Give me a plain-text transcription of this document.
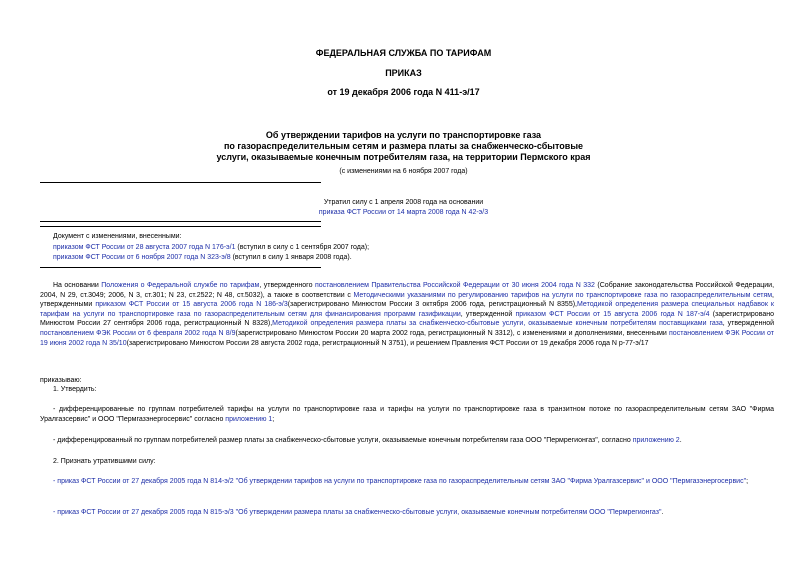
ФЕДЕРАЛЬНАЯ СЛУЖБА ПО ТАРИФАМ
ПРИКАЗ
от 19 декабря 2006 года N 411-э/17
Об утверждении тарифов на услуги по транспортировке газа
по газораспределительным сетям и размера платы за снабженческо-сбытовые
услуги, оказываемые конечным потребителям газа, на территории Пермского края
(с изменениями на 6 ноября 2007 года)
Утратил силу с 1 апреля 2008 года на основании
приказа ФСТ России от 14 марта 2008 года N 42-э/3
Документ с изменениями, внесенными:
приказом ФСТ России от 28 августа 2007 года N 176-э/1 (вступил в силу с 1 сентября 2007 года);
приказом ФСТ России от 6 ноября 2007 года N 323-э/8 (вступил в силу 1 января 2008 года).
На основании Положения о Федеральной службе по тарифам, утвержденного постановлением Правительства Российской Федерации от 30 июня 2004 года N 332 (Собрание законодательства Российской Федерации, 2004, N 29, ст.3049; 2006, N 3, ст.301; N 23, ст.2522; N 48, ст.5032), а также в соответствии с Методическими указаниями по регулированию тарифов на услуги по транспортировке газа по газораспределительным сетям, утвержденными приказом ФСТ России от 15 августа 2006 года N 186-э/3(зарегистрировано Минюстом России 3 октября 2006 года, регистрационный N 8355),Методикой определения размера специальных надбавок к тарифам на услуги по транспортировке газа по газораспределительным сетям для финансирования программ газификации, утвержденной приказом ФСТ России от 15 августа 2006 года N 187-э/4 (зарегистрировано Минюстом России 27 сентября 2006 года, регистрационный N 8328),Методикой определения размера платы за снабженческо-сбытовые услуги, оказываемые конечным потребителям поставщиками газа, утвержденной постановлением ФЭК России от 6 февраля 2002 года N 8/9(зарегистрировано Минюстом России 20 марта 2002 года, регистрационный N 3312), с изменениями и дополнениями, внесенными постановлением ФЭК России от 19 июня 2002 года N 35/10(зарегистрировано Минюстом России 28 августа 2002 года, регистрационный N 3751), и решением Правления ФСТ России от 19 декабря 2006 года N р-77-э/17
приказываю:
1. Утвердить:
- дифференцированные по группам потребителей тарифы на услуги по транспортировке газа и тарифы на услуги по транспортировке газа в транзитном потоке по газораспределительным сетям ЗАО "Фирма Уралгазсервис" и ООО "Пермгазэнергосервис" согласно приложению 1;
- дифференцированный по группам потребителей размер платы за снабженческо-сбытовые услуги, оказываемые конечным потребителям газа ООО "Пермрегионгаз", согласно приложению 2.
2. Признать утратившими силу:
- приказ ФСТ России от 27 декабря 2005 года N 814-э/2 "Об утверждении тарифов на услуги по транспортировке газа по газораспределительным сетям ЗАО "Фирма Уралгазсервис" и ООО "Пермгазэнергосервис";
- приказ ФСТ России от 27 декабря 2005 года N 815-э/3 "Об утверждении размера платы за снабженческо-сбытовые услуги, оказываемые конечным потребителям ООО "Пермрегионгаз".
